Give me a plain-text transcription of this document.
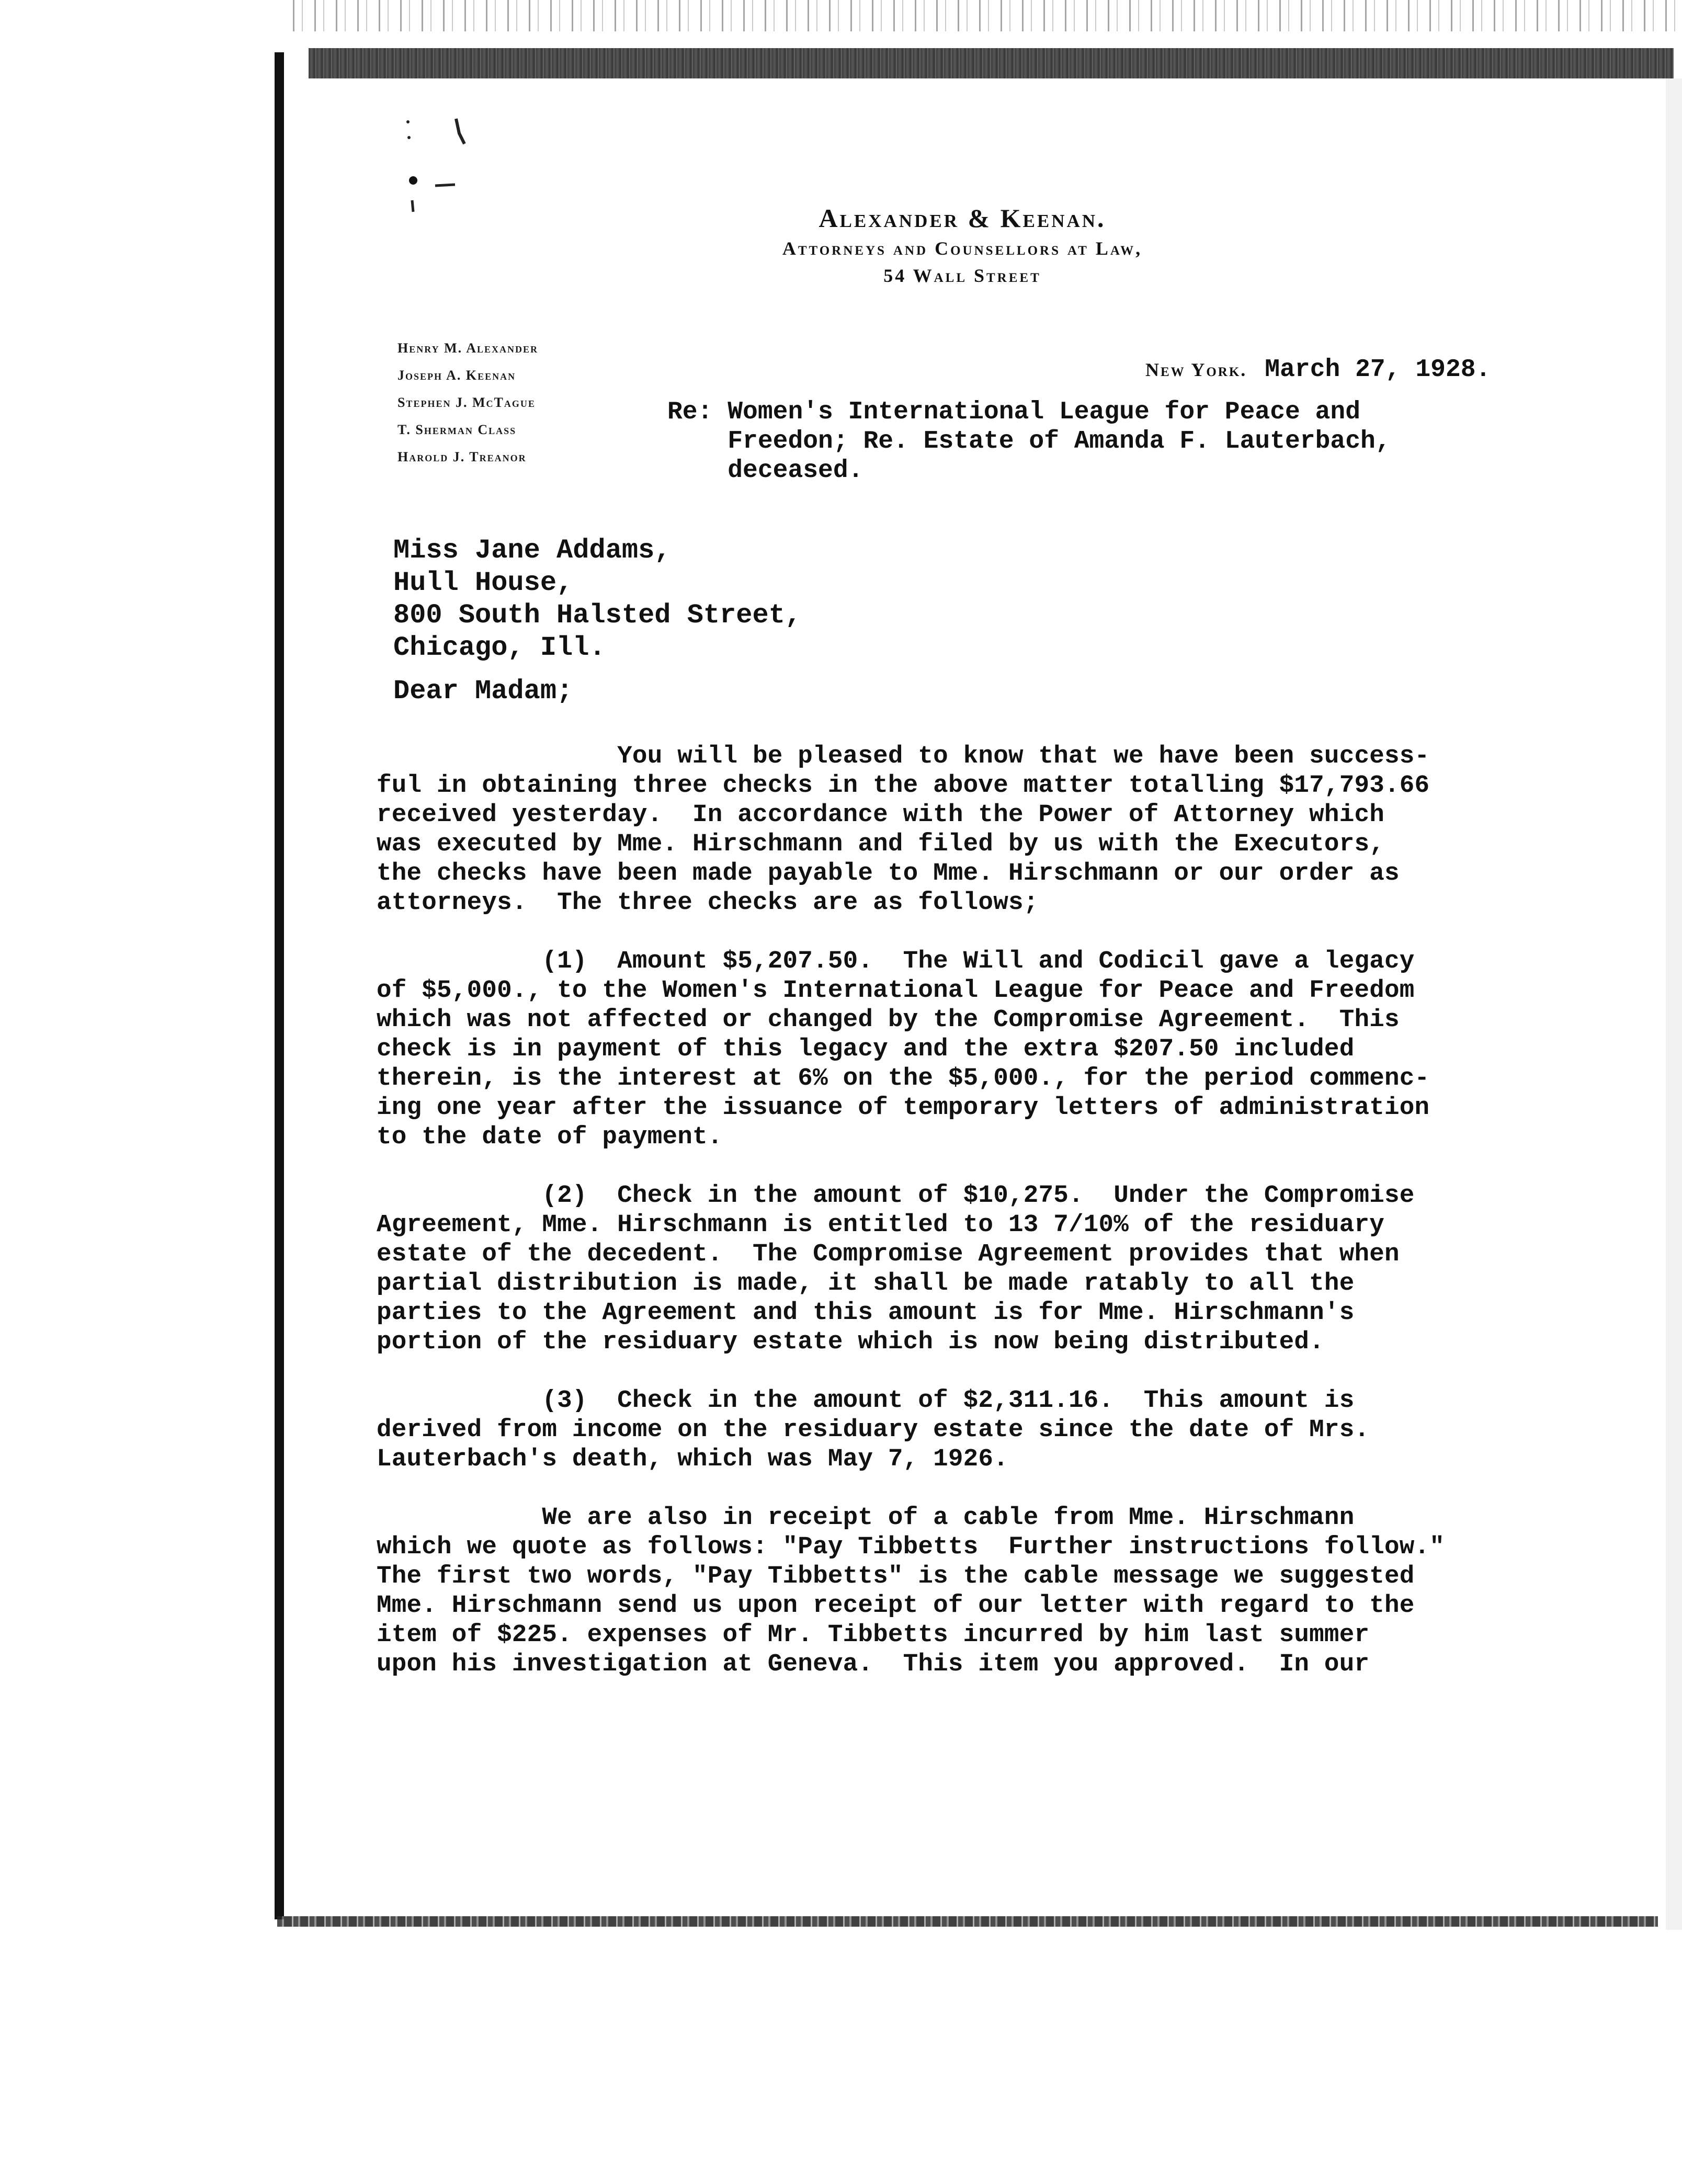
Alexander & Keenan.
Attorneys and Counsellors at Law,
54 Wall Street
Henry M. Alexander
Joseph A. Keenan
Stephen J. McTague
T. Sherman Class
Harold J. Treanor
New York. March 27, 1928.
Re: Women's International League for Peace and
Freedon; Re. Estate of Amanda F. Lauterbach,
deceased.
Miss Jane Addams,
Hull House,
800 South Halsted Street,
Chicago, Ill.
Dear Madam;
You will be pleased to know that we have been success-
ful in obtaining three checks in the above matter totalling $17,793.66
received yesterday.  In accordance with the Power of Attorney which
was executed by Mme. Hirschmann and filed by us with the Executors,
the checks have been made payable to Mme. Hirschmann or our order as
attorneys.  The three checks are as follows;
(1)  Amount $5,207.50.  The Will and Codicil gave a legacy
of $5,000., to the Women's International League for Peace and Freedom
which was not affected or changed by the Compromise Agreement.  This
check is in payment of this legacy and the extra $207.50 included
therein, is the interest at 6% on the $5,000., for the period commenc-
ing one year after the issuance of temporary letters of administration
to the date of payment.
(2)  Check in the amount of $10,275.  Under the Compromise
Agreement, Mme. Hirschmann is entitled to 13 7/10% of the residuary
estate of the decedent.  The Compromise Agreement provides that when
partial distribution is made, it shall be made ratably to all the
parties to the Agreement and this amount is for Mme. Hirschmann's
portion of the residuary estate which is now being distributed.
(3)  Check in the amount of $2,311.16.  This amount is
derived from income on the residuary estate since the date of Mrs.
Lauterbach's death, which was May 7, 1926.
We are also in receipt of a cable from Mme. Hirschmann
which we quote as follows: "Pay Tibbetts  Further instructions follow."
The first two words, "Pay Tibbetts" is the cable message we suggested
Mme. Hirschmann send us upon receipt of our letter with regard to the
item of $225. expenses of Mr. Tibbetts incurred by him last summer
upon his investigation at Geneva.  This item you approved.  In our
